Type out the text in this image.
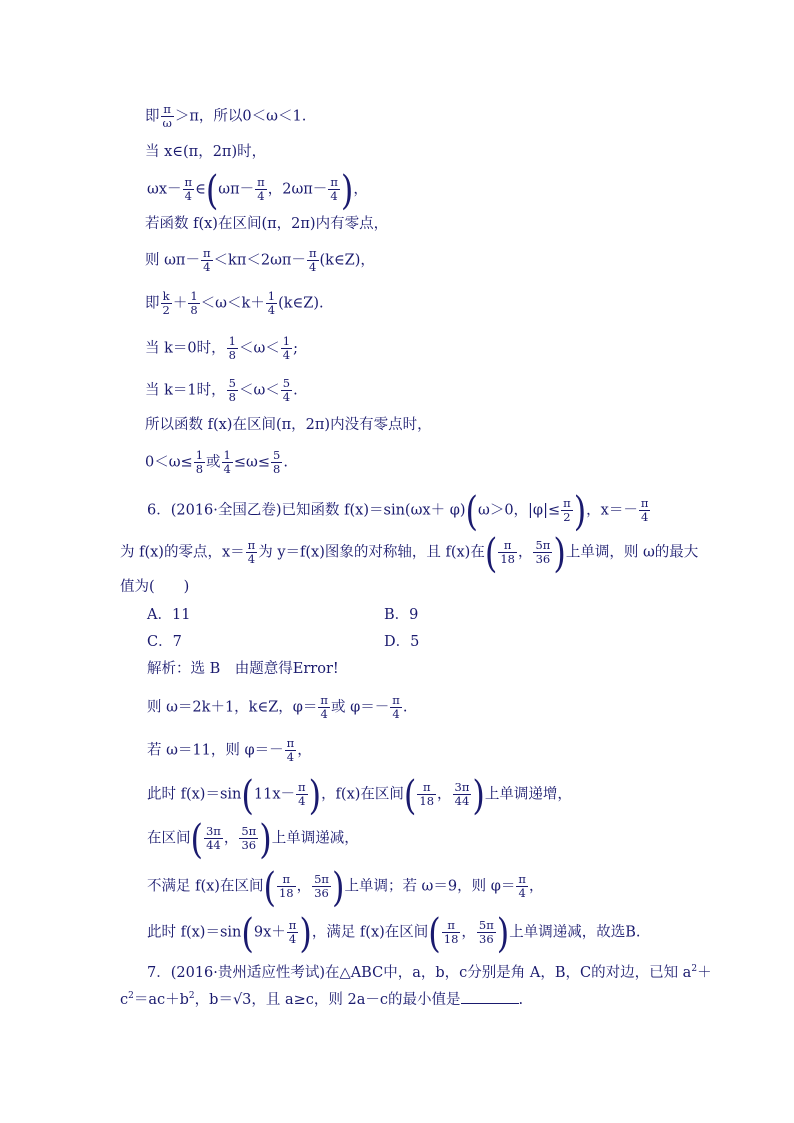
即 $\frac{\pi}{\omega} >\pi$，所以0＜ω＜1.
当 x∈(π，2π)时，
$\omega x- \frac{\pi}{4}$ ∈(ωπ－ $\frac{\pi}{4}$ ，$2\omega\pi- \frac{\pi}{4}$ )，
若函数 f(x)在区间(π，2π)内有零点，
则 $\omega\pi- \frac{\pi}{4} <k\pi<2\omega\pi- \frac{\pi}{4}$ (k∈Z)，
即 $\frac{k}{2} + \frac{1}{8} <\omega<k+ \frac{1}{4}$ (k∈Z).
当 k＝0时， $\frac{1}{8} <\omega< \frac{1}{4}$ ;
当 k＝1时， $\frac{5}{8} <\omega< \frac{5}{4}$ .
所以函数 f(x)在区间(π，2π)内没有零点时，
$0<\omega\le \frac{1}{8}$ 或 $\frac{1}{4} \le\omega\le \frac{5}{8}$ .
6．(2016·全国乙卷)已知函数 f(x)＝sin(ωx＋ φ)(ω＞0，$|\varphi|\le \frac{\pi}{2}$ )，$x=- \frac{\pi}{4}$
为 f(x)的零点，$x= \frac{\pi}{4}$ 为 y＝f(x)图象的对称轴，且 f(x)在( $\frac{\pi}{18}$ ， $\frac{5\pi}{36}$ )上单调，则 ω的最大
值为(　　)
A．11	B．9
C．7	D．5
解析：选 B　由题意得Error!
则 ω＝2k＋1，k∈Z，$\varphi= \frac{\pi}{4}$ 或 $\varphi=- \frac{\pi}{4}$ .
若 ω＝11，则 $\varphi=- \frac{\pi}{4}$ ，
此时 $f(x)=\sin(11x- \frac{\pi}{4}$ )，f(x)在区间( $\frac{\pi}{18}$ ， $\frac{3\pi}{44}$ )上单调递增，
在区间( $\frac{3\pi}{44}$ ， $\frac{5\pi}{36}$ )上单调递减，
不满足 f(x)在区间( $\frac{\pi}{18}$ ， $\frac{5\pi}{36}$ )上单调；若 ω＝9，则 $\varphi= \frac{\pi}{4}$ ，
此时 $f(x)=\sin(9x+ \frac{\pi}{4}$ )，满足 f(x)在区间( $\frac{\pi}{18}$ ， $\frac{5\pi}{36}$ )上单调递减，故选B.
7．(2016·贵州适应性考试)在△ABC中，a，b，c分别是角 A，B，C的对边，已知 $a^2+$
$c^2=ac+b^2$，b＝√3，且 a≥c，则 2a－c的最小值是	.
